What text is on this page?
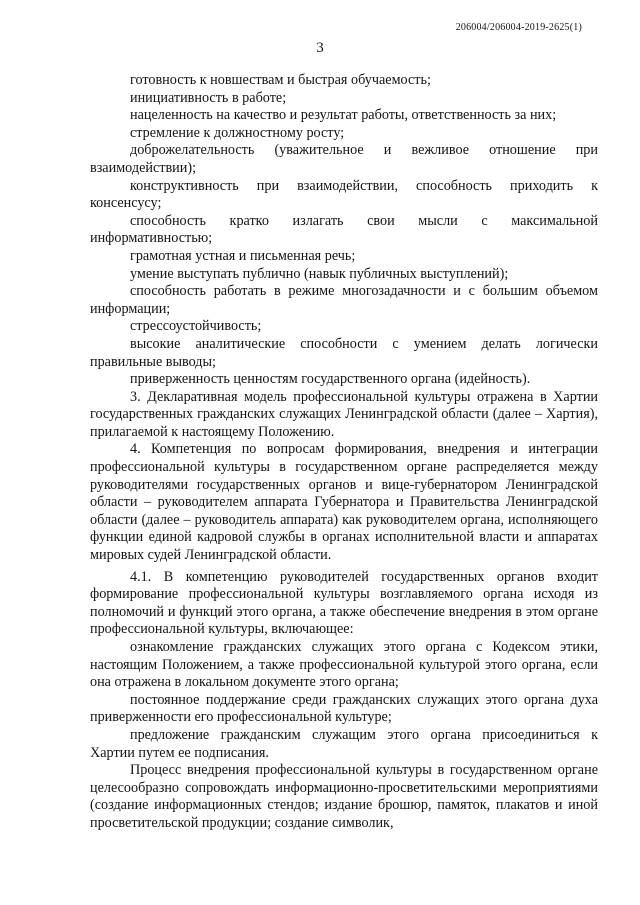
206004/206004-2019-2625(1)
3

готовность к новшествам и быстрая обучаемость;

инициативность в работе;

нацеленность на качество и результат работы, ответственность за них;

стремление к должностному росту;

доброжелательность (уважительное и вежливое отношение при взаимодействии);

конструктивность при взаимодействии, способность приходить к консенсусу;

способность кратко излагать свои мысли с максимальной информативностью;

грамотная устная и письменная речь;

умение выступать публично (навык публичных выступлений);

способность работать в режиме многозадачности и с большим объемом информации;

стрессоустойчивость;

высокие аналитические способности с умением делать логически правильные выводы;

приверженность ценностям государственного органа (идейность).

3. Декларативная модель профессиональной культуры отражена в Хартии государственных гражданских служащих Ленинградской области (далее – Хартия), прилагаемой к настоящему Положению.

4. Компетенция по вопросам формирования, внедрения и интеграции профессиональной культуры в государственном органе распределяется между руководителями государственных органов и вице-губернатором Ленинградской области – руководителем аппарата Губернатора и Правительства Ленинградской области (далее – руководитель аппарата) как руководителем органа, исполняющего функции единой кадровой службы в органах исполнительной власти и аппаратах мировых судей Ленинградской области.

4.1. В компетенцию руководителей государственных органов входит формирование профессиональной культуры возглавляемого органа исходя из полномочий и функций этого органа, а также обеспечение внедрения в этом органе профессиональной культуры, включающее:

ознакомление гражданских служащих этого органа с Кодексом этики, настоящим Положением, а также профессиональной культурой этого органа, если она отражена в локальном документе этого органа;

постоянное поддержание среди гражданских служащих этого органа духа приверженности его профессиональной культуре;

предложение гражданским служащим этого органа присоединиться к Хартии путем ее подписания.

Процесс внедрения профессиональной культуры в государственном органе целесообразно сопровождать информационно-просветительскими мероприятиями (создание информационных стендов; издание брошюр, памяток, плакатов и иной просветительской продукции; создание символик,
